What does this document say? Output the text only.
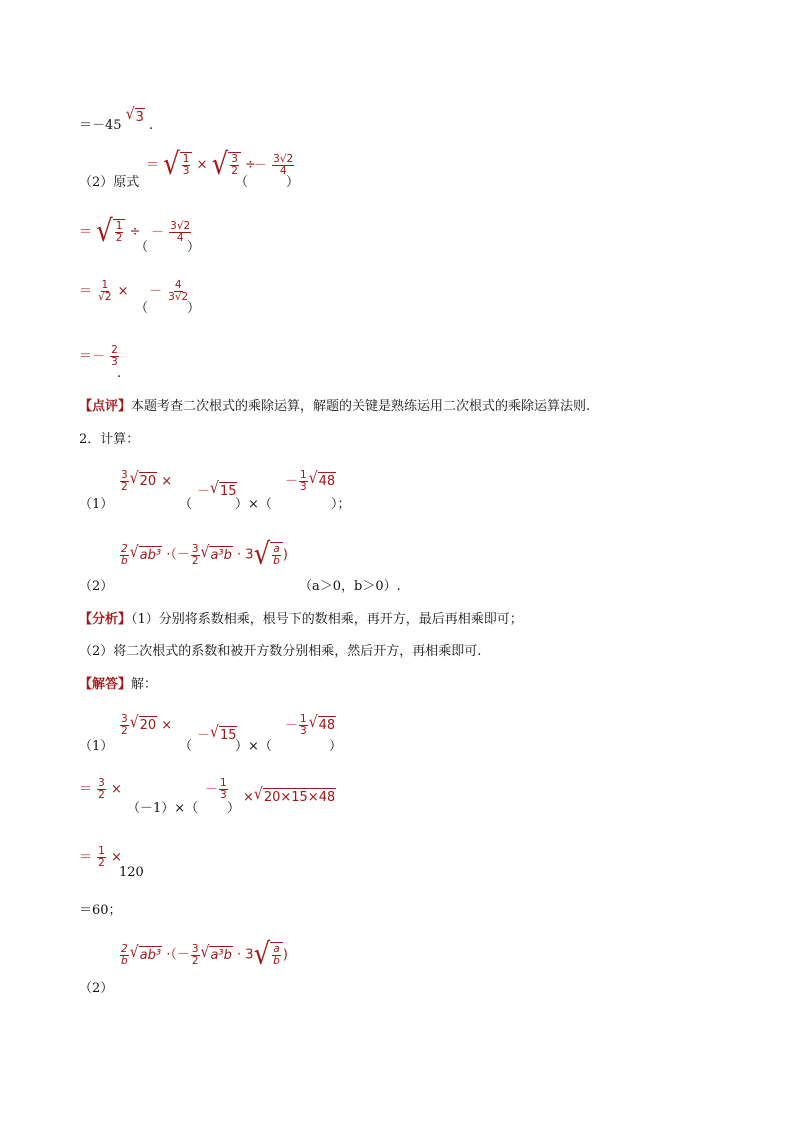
＝－45
√ 3
.
（2）原式
＝ √ $\frac{1}{3}$ × √ $\frac{3}{2}$ ÷
（
－ $\frac{3√2}{4}$
）
＝ √ $\frac{1}{2}$ ÷
（
－ $\frac{3√2}{4}$
）
＝ $\frac{1}{√2}$ ×
（
－ $\frac{4}{3√2}$
）
＝－ $\frac{2}{3}$
.
【点评】本题考查二次根式的乘除运算，解题的关键是熟练运用二次根式的乘除运算法则.
2．计算：
（1）
$\frac{3}{2}$ √ 20 ×
（
－ √ 15
）×（
－ $\frac{1}{3}$ √ 48
）；
（2）
$\frac{2}{b}$ √ ab³ ·（－ $\frac{3}{2}$ √ a³b · 3 √ $\frac{a}{b}$ )
（a＞0，b＞0）.
【分析】（1）分别将系数相乘，根号下的数相乘，再开方，最后再相乘即可；
（2）将二次根式的系数和被开方数分别相乘，然后开方，再相乘即可.
【解答】解：
（1）
$\frac{3}{2}$ √ 20 ×
（
－ √ 15
）×（
－ $\frac{1}{3}$ √ 48
）
＝ $\frac{3}{2}$ ×
（－1）×（
－ $\frac{1}{3}$
）
× √ 20×15×48
＝ $\frac{1}{2}$ ×
120
＝60；
（2）
$\frac{2}{b}$ √ ab³ ·（－ $\frac{3}{2}$ √ a³b · 3 √ $\frac{a}{b}$ )
